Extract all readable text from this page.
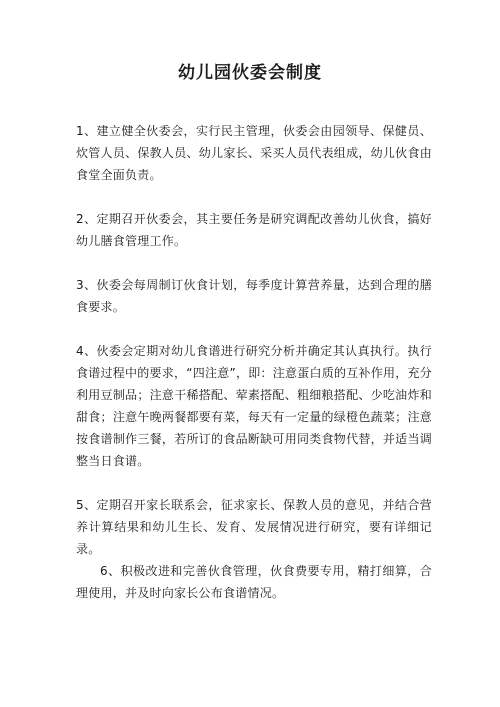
幼儿园伙委会制度

1、建立健全伙委会，实行民主管理，伙委会由园领导、保健员、炊管人员、保教人员、幼儿家长、采买人员代表组成，幼儿伙食由食堂全面负责。

2、定期召开伙委会，其主要任务是研究调配改善幼儿伙食，搞好幼儿膳食管理工作。

3、伙委会每周制订伙食计划，每季度计算营养量，达到合理的膳食要求。

4、伙委会定期对幼儿食谱进行研究分析并确定其认真执行。执行食谱过程中的要求，“四注意”，即：注意蛋白质的互补作用，充分利用豆制品；注意干稀搭配、荤素搭配、粗细粮搭配、少吃油炸和甜食；注意午晚两餐都要有菜，每天有一定量的绿橙色蔬菜；注意按食谱制作三餐，若所订的食品断缺可用同类食物代替，并适当调整当日食谱。

5、定期召开家长联系会，征求家长、保教人员的意见，并结合营养计算结果和幼儿生长、发育、发展情况进行研究，要有详细记录。

6、积极改进和完善伙食管理，伙食费要专用，精打细算，合理使用，并及时向家长公布食谱情况。
